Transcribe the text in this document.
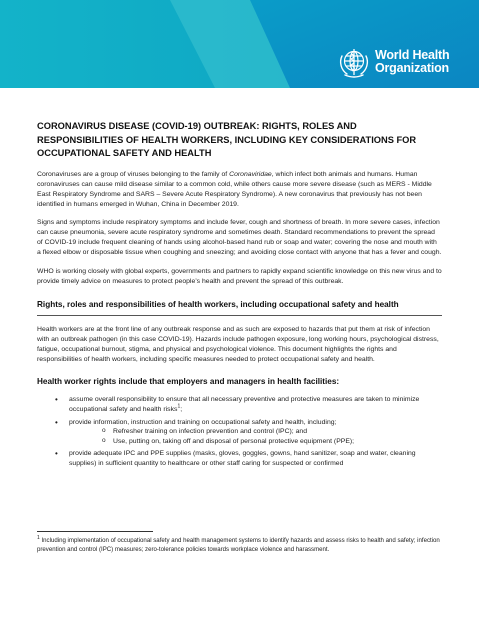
World Health
Organization
CORONAVIRUS DISEASE (COVID-19) OUTBREAK: RIGHTS, ROLES AND RESPONSIBILITIES OF HEALTH WORKERS, INCLUDING KEY CONSIDERATIONS FOR OCCUPATIONAL SAFETY AND HEALTH

Coronaviruses are a group of viruses belonging to the family of Coronaviridae, which infect both animals and humans. Human coronaviruses can cause mild disease similar to a common cold, while others cause more severe disease (such as MERS - Middle East Respiratory Syndrome and SARS – Severe Acute Respiratory Syndrome). A new coronavirus that previously has not been identified in humans emerged in Wuhan, China in December 2019.

Signs and symptoms include respiratory symptoms and include fever, cough and shortness of breath. In more severe cases, infection can cause pneumonia, severe acute respiratory syndrome and sometimes death. Standard recommendations to prevent the spread of COVID-19 include frequent cleaning of hands using alcohol-based hand rub or soap and water; covering the nose and mouth with a flexed elbow or disposable tissue when coughing and sneezing; and avoiding close contact with anyone that has a fever and cough.

WHO is working closely with global experts, governments and partners to rapidly expand scientific knowledge on this new virus and to provide timely advice on measures to protect people’s health and prevent the spread of this outbreak.

Rights, roles and responsibilities of health workers, including occupational safety and health

Health workers are at the front line of any outbreak response and as such are exposed to hazards that put them at risk of infection with an outbreak pathogen (in this case COVID-19). Hazards include pathogen exposure, long working hours, psychological distress, fatigue, occupational burnout, stigma, and physical and psychological violence. This document highlights the rights and responsibilities of health workers, including specific measures needed to protect occupational safety and health.

Health worker rights include that employers and managers in health facilities:
• assume overall responsibility to ensure that all necessary preventive and protective measures are taken to minimize occupational safety and health risks$^1$;
• provide information, instruction and training on occupational safety and health, including;
o Refresher training on infection prevention and control (IPC); and
o Use, putting on, taking off and disposal of personal protective equipment (PPE);
• provide adequate IPC and PPE supplies (masks, gloves, goggles, gowns, hand sanitizer, soap and water, cleaning supplies) in sufficient quantity to healthcare or other staff caring for suspected or confirmed
$^1$ Including implementation of occupational safety and health management systems to identify hazards and assess risks to health and safety; infection prevention and control (IPC) measures; zero-tolerance policies towards workplace violence and harassment.
